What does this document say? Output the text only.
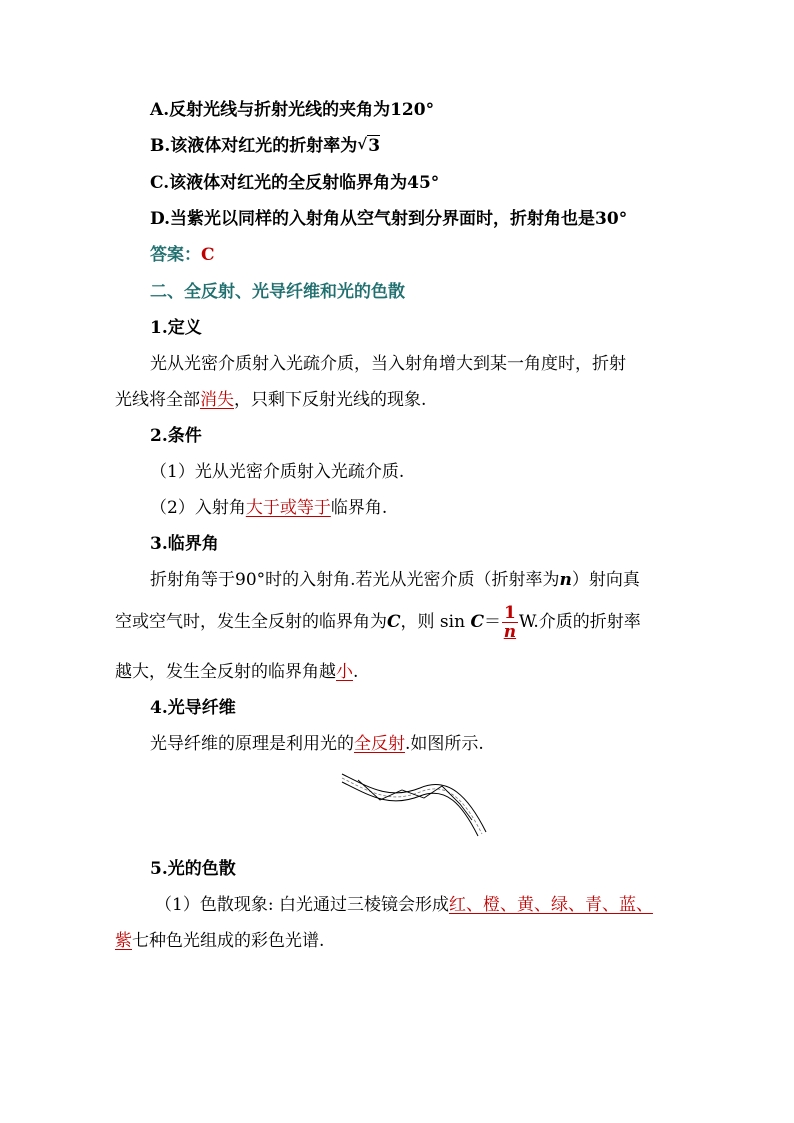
A.反射光线与折射光线的夹角为120°
B.该液体对红光的折射率为 √ 3
C.该液体对红光的全反射临界角为45°
D.当紫光以同样的入射角从空气射到分界面时，折射角也是30°
答案：C
二、全反射、光导纤维和光的色散
1.定义
光从光密介质射入光疏介质，当入射角增大到某一角度时，折射
光线将全部消失，只剩下反射光线的现象.
2.条件
（1）光从光密介质射入光疏介质.
（2）入射角大于或等于临界角.
3.临界角
折射角等于90°时的入射角.若光从光密介质（折射率为n）射向真
空或空气时，发生全反射的临界角为C，则 $\sin C= \frac{1}{n} W$.介质的折射率
越大，发生全反射的临界角越小.
4.光导纤维
光导纤维的原理是利用光的全反射.如图所示.
5.光的色散
（1）色散现象: 白光通过三棱镜会形成红、橙、黄、绿、青、蓝、
紫七种色光组成的彩色光谱.
